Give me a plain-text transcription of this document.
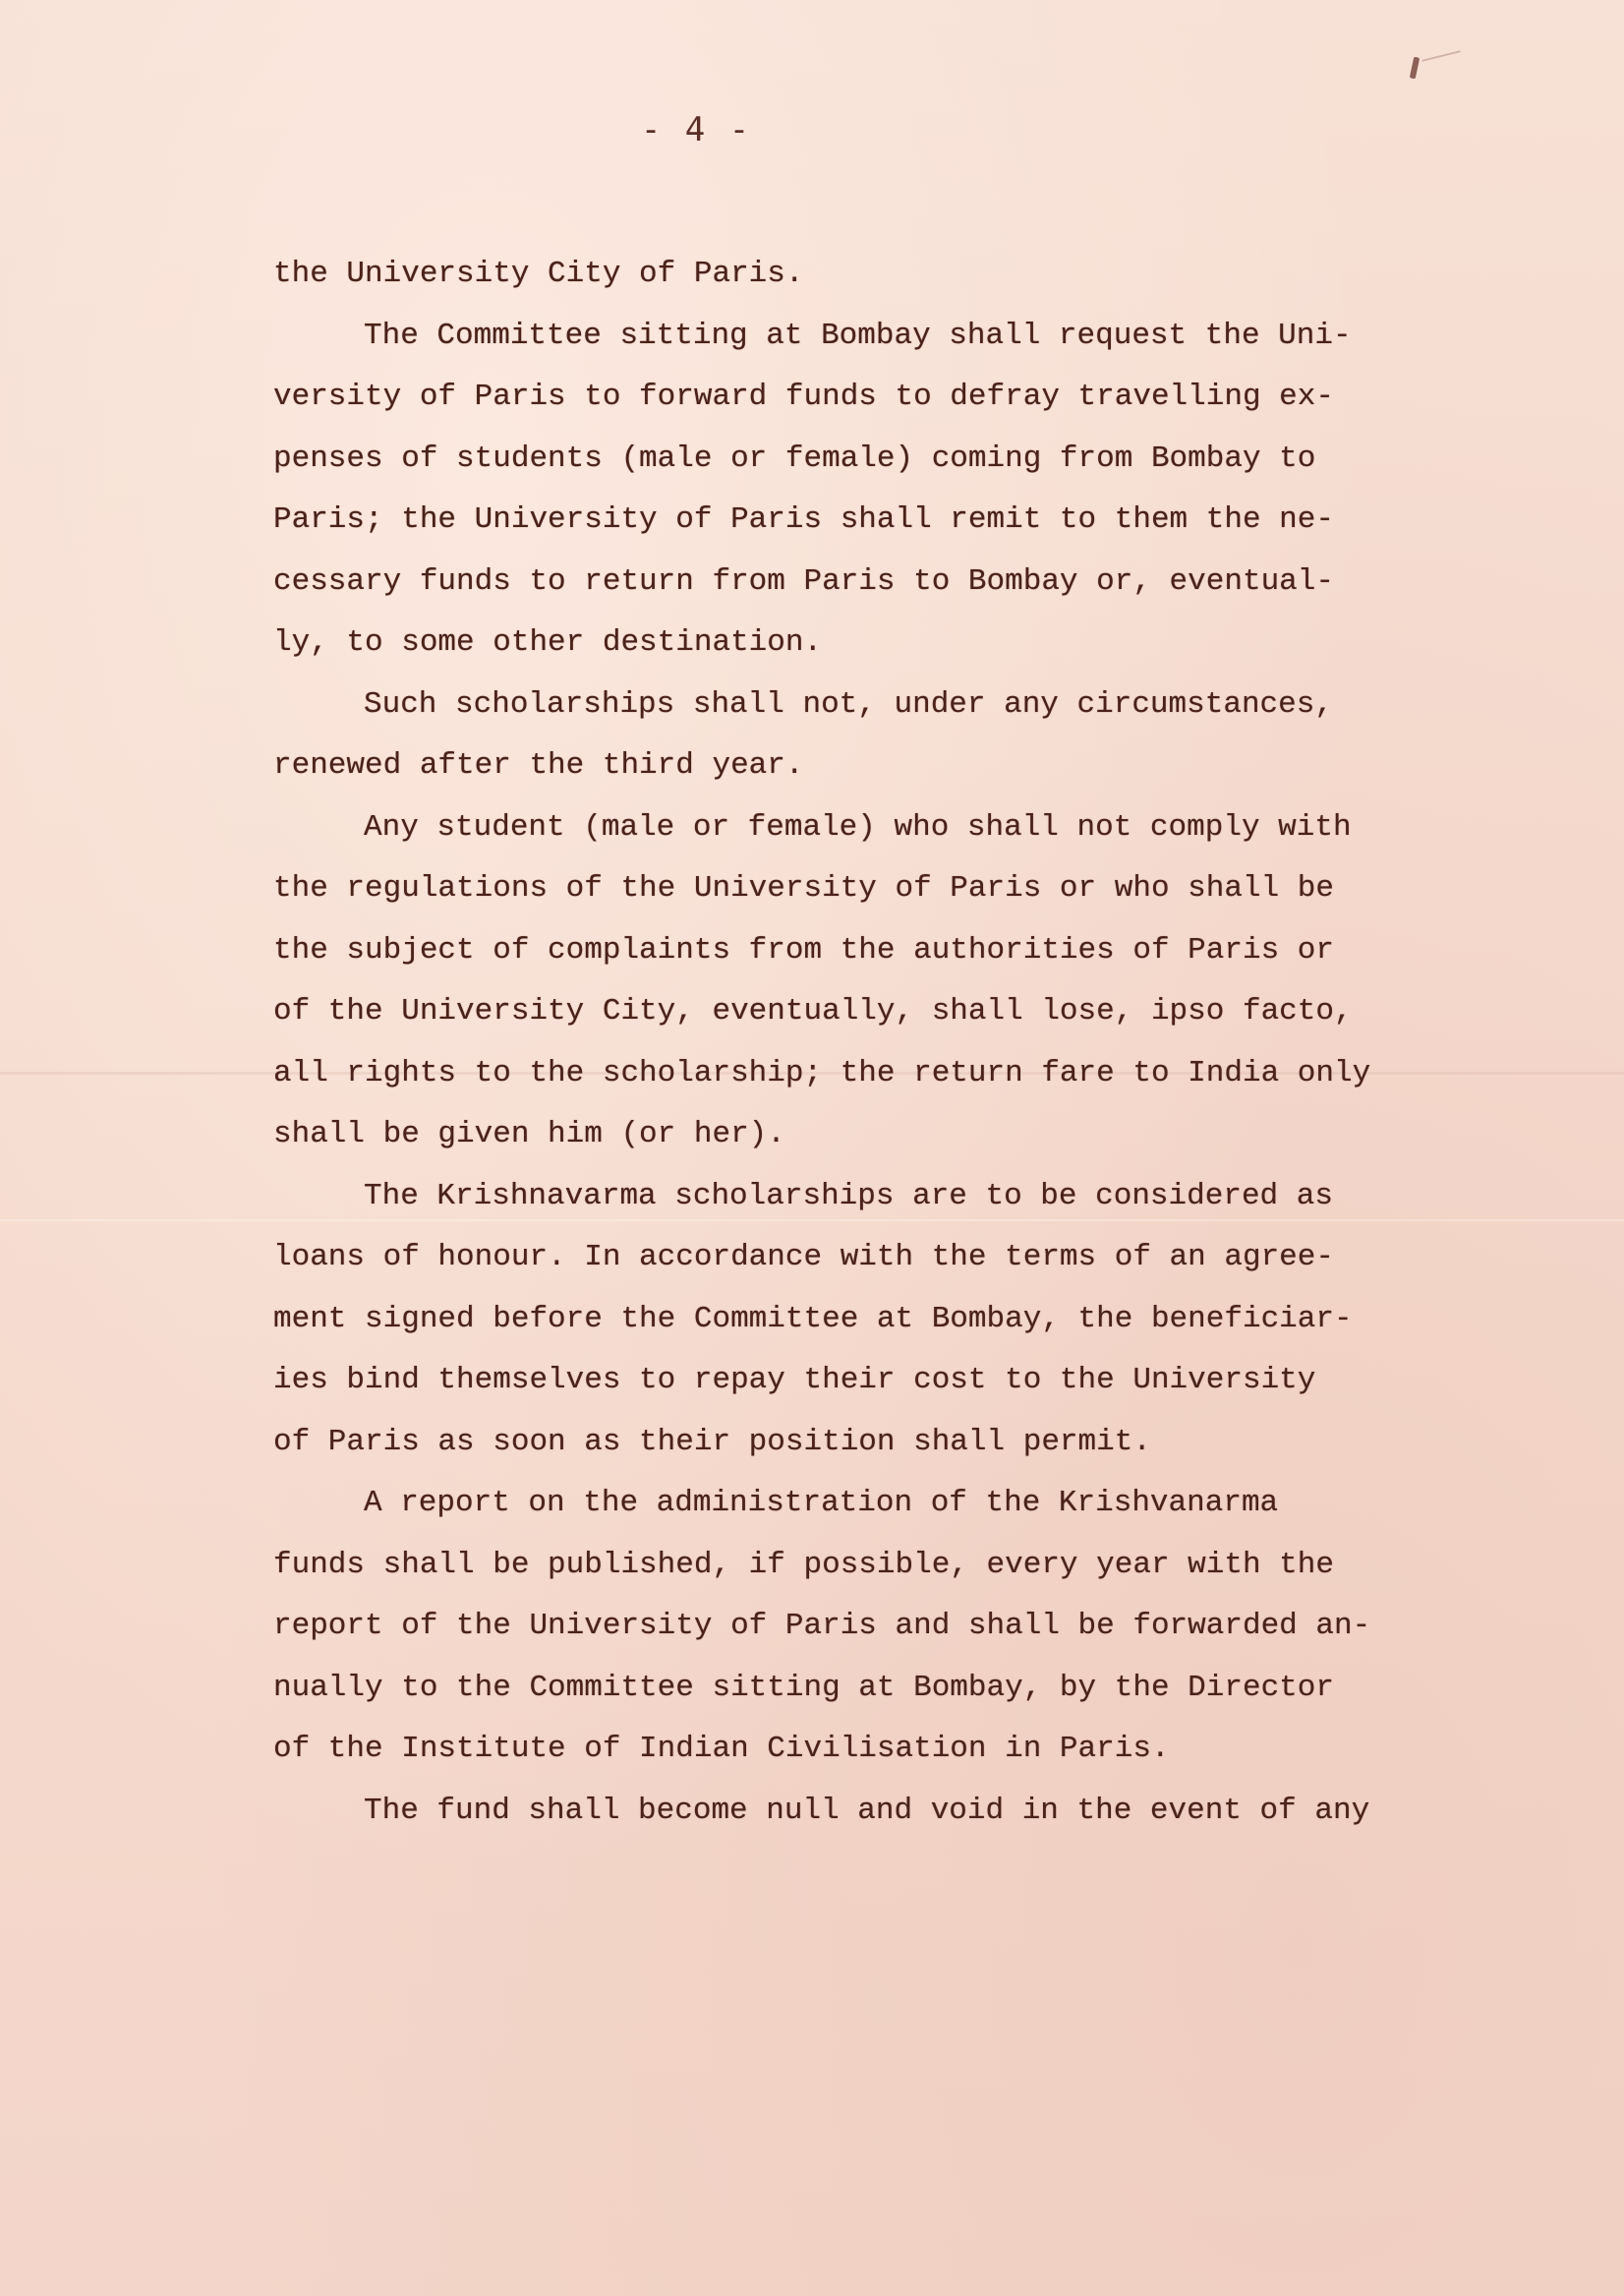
- 4 -
the University City of Paris.
The Committee sitting at Bombay shall request the Uni-
versity of Paris to forward funds to defray travelling ex-
penses of students (male or female) coming from Bombay to
Paris; the University of Paris shall remit to them the ne-
cessary funds to return from Paris to Bombay or, eventual-
ly, to some other destination.
Such scholarships shall not, under any circumstances,
renewed after the third year.
Any student (male or female) who shall not comply with
the regulations of the University of Paris or who shall be
the subject of complaints from the authorities of Paris or
of the University City, eventually, shall lose, ipso facto,
all rights to the scholarship; the return fare to India only
shall be given him (or her).
The Krishnavarma scholarships are to be considered as
loans of honour. In accordance with the terms of an agree-
ment signed before the Committee at Bombay, the beneficiar-
ies bind themselves to repay their cost to the University
of Paris as soon as their position shall permit.
A report on the administration of the Krishvanarma
funds shall be published, if possible, every year with the
report of the University of Paris and shall be forwarded an-
nually to the Committee sitting at Bombay, by the Director
of the Institute of Indian Civilisation in Paris.
The fund shall become null and void in the event of any
